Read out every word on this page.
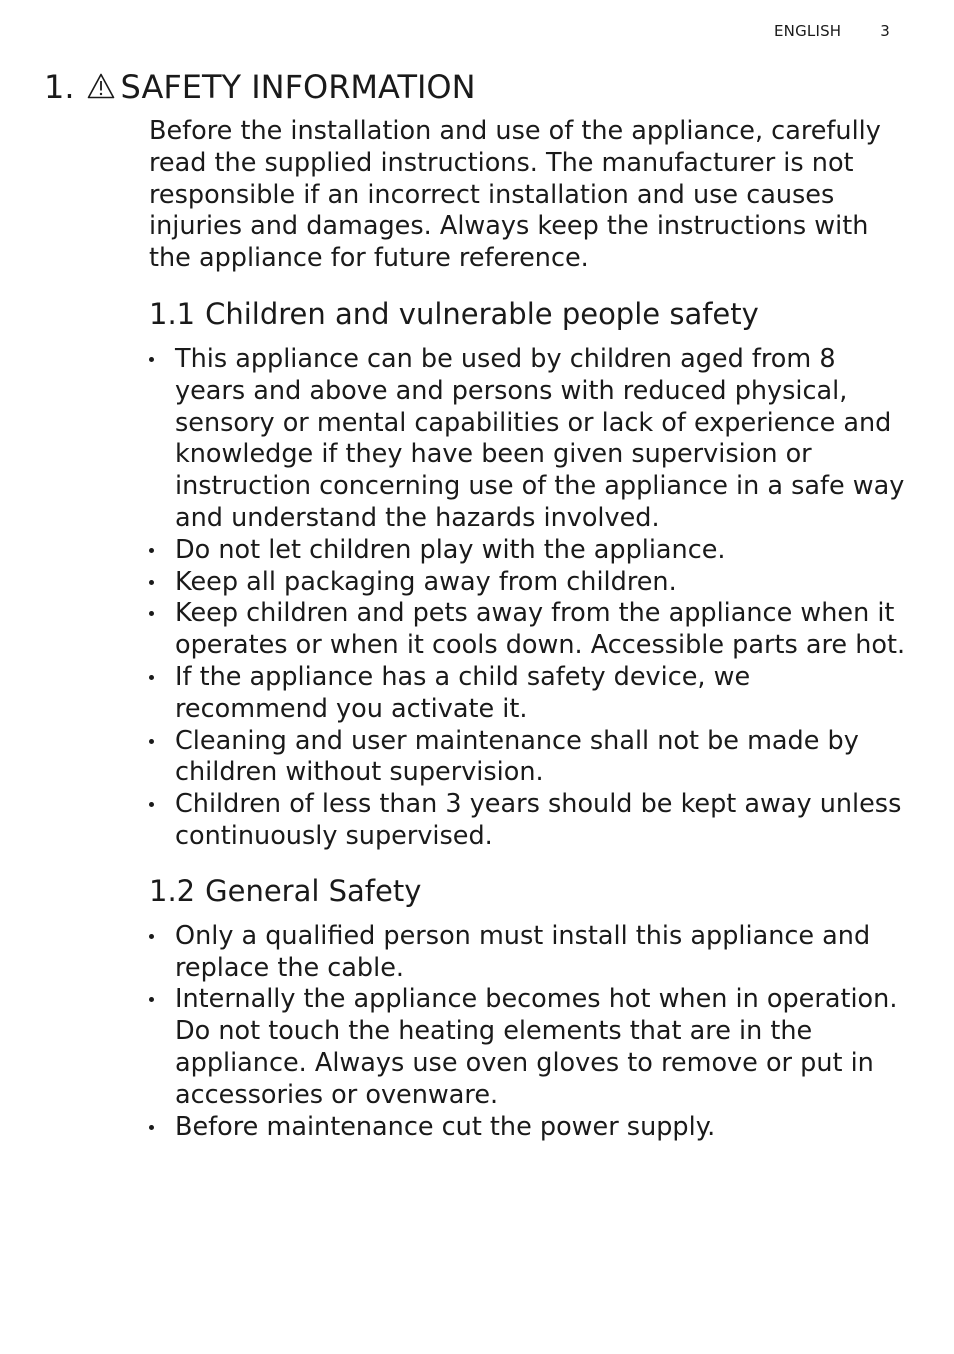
ENGLISH	3
1. SAFETY INFORMATION

Before the installation and use of the appliance, carefully read the supplied instructions. The manufacturer is not responsible if an incorrect installation and use causes injuries and damages. Always keep the instructions with the appliance for future reference.

1.1 Children and vulnerable people safety
This appliance can be used by children aged from 8 years and above and persons with reduced physical, sensory or mental capabilities or lack of experience and knowledge if they have been given supervision or instruction concerning use of the appliance in a safe way and understand the hazards involved.
Do not let children play with the appliance.
Keep all packaging away from children.
Keep children and pets away from the appliance when it operates or when it cools down. Accessible parts are hot.
If the appliance has a child safety device, we recommend you activate it.
Cleaning and user maintenance shall not be made by children without supervision.
Children of less than 3 years should be kept away unless continuously supervised.
1.2 General Safety
Only a qualified person must install this appliance and replace the cable.
Internally the appliance becomes hot when in operation. Do not touch the heating elements that are in the appliance. Always use oven gloves to remove or put in accessories or ovenware.
Before maintenance cut the power supply.
